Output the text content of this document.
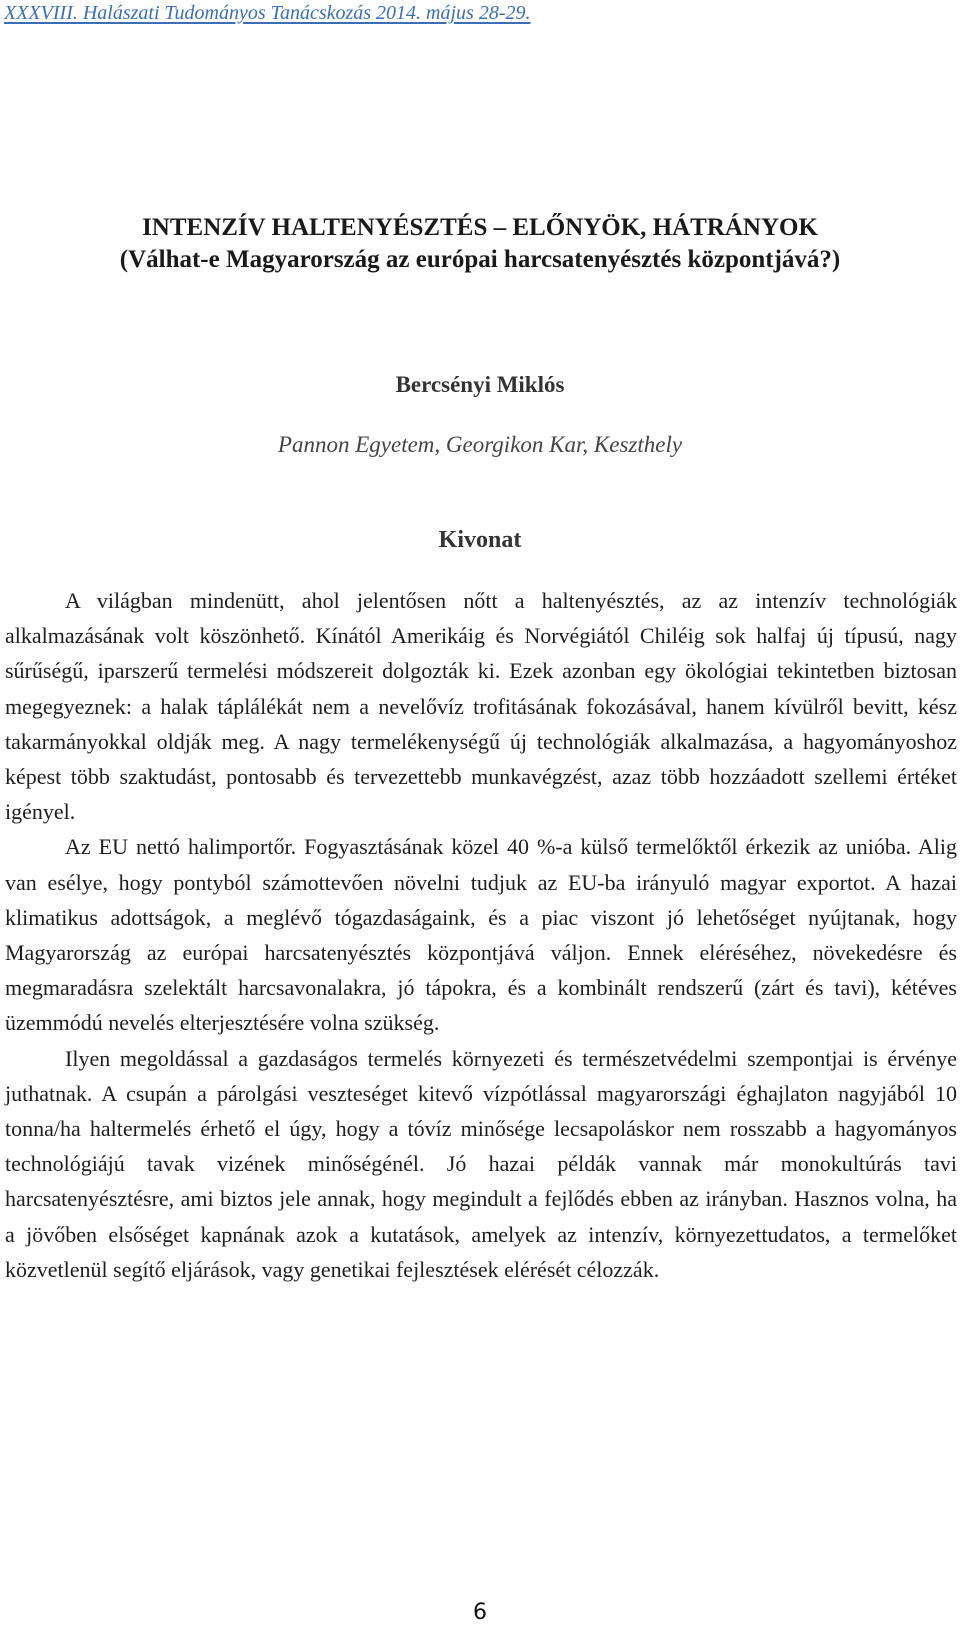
XXXVIII. Halászati Tudományos Tanácskozás 2014. május 28-29.
INTENZÍV HALTENYÉSZTÉS – ELŐNYÖK, HÁTRÁNYOK
(Válhat-e Magyarország az európai harcsatenyésztés központjává?)
Bercsényi Miklós
Pannon Egyetem, Georgikon Kar, Keszthely
Kivonat

A világban mindenütt, ahol jelentősen nőtt a haltenyésztés, az az intenzív technológiák alkalmazásának volt köszönhető. Kínától Amerikáig és Norvégiától Chiléig sok halfaj új típusú, nagy sűrűségű, iparszerű termelési módszereit dolgozták ki. Ezek azonban egy ökológiai tekintetben biztosan megegyeznek: a halak táplálékát nem a nevelővíz trofitásának fokozásával, hanem kívülről bevitt, kész takarmányokkal oldják meg. A nagy termelékenységű új technológiák alkalmazása, a hagyományoshoz képest több szaktudást, pontosabb és tervezettebb munkavégzést, azaz több hozzáadott szellemi értéket igényel.

Az EU nettó halimportőr. Fogyasztásának közel 40 %-a külső termelőktől érkezik az unióba. Alig van esélye, hogy pontyból számottevően növelni tudjuk az EU-ba irányuló magyar exportot. A hazai klimatikus adottságok, a meglévő tógazdaságaink, és a piac viszont jó lehetőséget nyújtanak, hogy Magyarország az európai harcsatenyésztés központjává váljon. Ennek eléréséhez, növekedésre és megmaradásra szelektált harcsavonalakra, jó tápokra, és a kombinált rendszerű (zárt és tavi), kétéves üzemmódú nevelés elterjesztésére volna szükség.

Ilyen megoldással a gazdaságos termelés környezeti és természetvédelmi szempontjai is érvénye juthatnak. A csupán a párolgási veszteséget kitevő vízpótlással magyarországi éghajlaton nagyjából 10 tonna/ha haltermelés érhető el úgy, hogy a tóvíz minősége lecsapoláskor nem rosszabb a hagyományos technológiájú tavak vizének minőségénél. Jó hazai példák vannak már monokultúrás tavi harcsatenyésztésre, ami biztos jele annak, hogy megindult a fejlődés ebben az irányban. Hasznos volna, ha a jövőben elsőséget kapnának azok a kutatások, amelyek az intenzív, környezettudatos, a termelőket közvetlenül segítő eljárások, vagy genetikai fejlesztések elérését célozzák.

6
